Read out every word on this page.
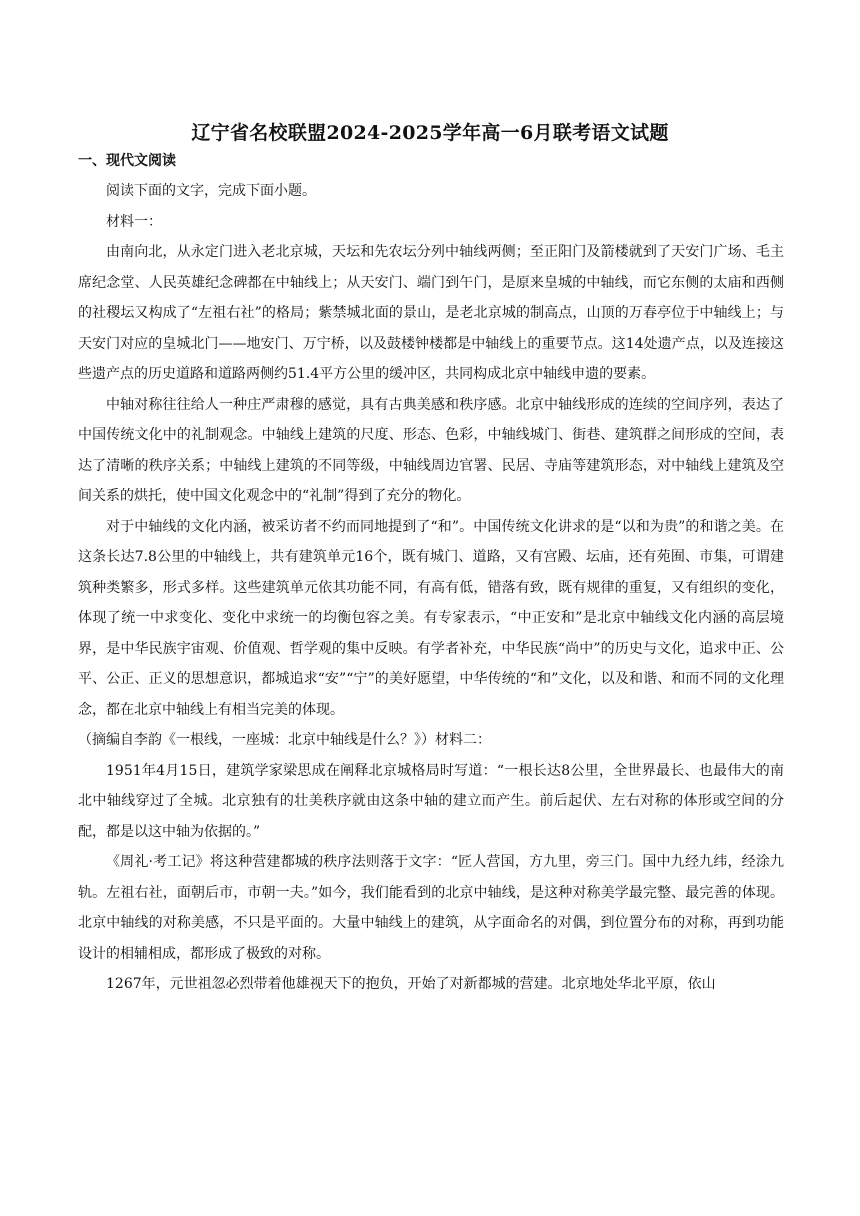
辽宁省名校联盟2024-2025学年高一6月联考语文试题
一、现代文阅读

阅读下面的文字，完成下面小题。

材料一：

由南向北，从永定门进入老北京城，天坛和先农坛分列中轴线两侧；至正阳门及箭楼就到了天安门广场、毛主席纪念堂、人民英雄纪念碑都在中轴线上；从天安门、端门到午门，是原来皇城的中轴线，而它东侧的太庙和西侧的社稷坛又构成了“左祖右社”的格局；紫禁城北面的景山，是老北京城的制高点，山顶的万春亭位于中轴线上；与天安门对应的皇城北门——地安门、万宁桥，以及鼓楼钟楼都是中轴线上的重要节点。这14处遗产点，以及连接这些遗产点的历史道路和道路两侧约51.4平方公里的缓冲区，共同构成北京中轴线申遗的要素。

中轴对称往往给人一种庄严肃穆的感觉，具有古典美感和秩序感。北京中轴线形成的连续的空间序列，表达了中国传统文化中的礼制观念。中轴线上建筑的尺度、形态、色彩，中轴线城门、街巷、建筑群之间形成的空间，表达了清晰的秩序关系；中轴线上建筑的不同等级，中轴线周边官署、民居、寺庙等建筑形态，对中轴线上建筑及空间关系的烘托，使中国文化观念中的“礼制”得到了充分的物化。

对于中轴线的文化内涵，被采访者不约而同地提到了“和”。中国传统文化讲求的是“以和为贵”的和谐之美。在这条长达7.8公里的中轴线上，共有建筑单元16个，既有城门、道路，又有宫殿、坛庙，还有苑囿、市集，可谓建筑种类繁多，形式多样。这些建筑单元依其功能不同，有高有低，错落有致，既有规律的重复，又有组织的变化，体现了统一中求变化、变化中求统一的均衡包容之美。有专家表示，“中正安和”是北京中轴线文化内涵的高层境界，是中华民族宇宙观、价值观、哲学观的集中反映。有学者补充，中华民族“尚中”的历史与文化，追求中正、公平、公正、正义的思想意识，都城追求“安”“宁”的美好愿望，中华传统的“和”文化，以及和谐、和而不同的文化理念，都在北京中轴线上有相当完美的体现。

（摘编自李韵《一根线，一座城：北京中轴线是什么？》）材料二：

1951年4月15日，建筑学家梁思成在阐释北京城格局时写道：“一根长达8公里，全世界最长、也最伟大的南北中轴线穿过了全城。北京独有的壮美秩序就由这条中轴的建立而产生。前后起伏、左右对称的体形或空间的分配，都是以这中轴为依据的。”

《周礼·考工记》将这种营建都城的秩序法则落于文字：“匠人营国，方九里，旁三门。国中九经九纬，经涂九轨。左祖右社，面朝后市，市朝一夫。”如今，我们能看到的北京中轴线，是这种对称美学最完整、最完善的体现。北京中轴线的对称美感，不只是平面的。大量中轴线上的建筑，从字面命名的对偶，到位置分布的对称，再到功能设计的相辅相成，都形成了极致的对称。

1267年，元世祖忽必烈带着他雄视天下的抱负，开始了对新都城的营建。北京地处华北平原，依山
